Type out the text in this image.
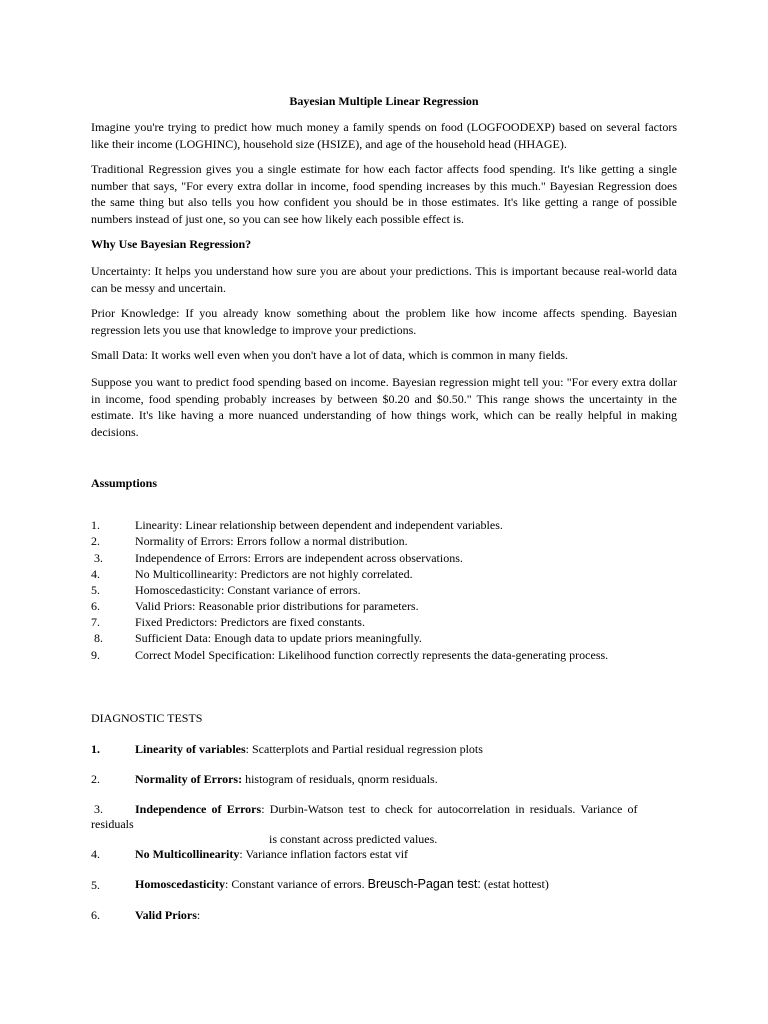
Bayesian Multiple Linear Regression
Imagine you're trying to predict how much money a family spends on food (LOGFOODEXP) based on several factors like their income (LOGHINC), household size (HSIZE), and age of the household head (HHAGE).
Traditional Regression gives you a single estimate for how each factor affects food spending. It's like getting a single number that says, "For every extra dollar in income, food spending increases by this much." Bayesian Regression does the same thing but also tells you how confident you should be in those estimates. It's like getting a range of possible numbers instead of just one, so you can see how likely each possible effect is.
Why Use Bayesian Regression?
Uncertainty: It helps you understand how sure you are about your predictions. This is important because real-world data can be messy and uncertain.
Prior Knowledge: If you already know something about the problem like how income affects spending. Bayesian regression lets you use that knowledge to improve your predictions.
Small Data: It works well even when you don't have a lot of data, which is common in many fields.
Suppose you want to predict food spending based on income. Bayesian regression might tell you: "For every extra dollar in income, food spending probably increases by between $0.20 and $0.50." This range shows the uncertainty in the estimate. It's like having a more nuanced understanding of how things work, which can be really helpful in making decisions.
Assumptions
1.	Linearity: Linear relationship between dependent and independent variables.
2.	Normality of Errors: Errors follow a normal distribution.
3.	Independence of Errors: Errors are independent across observations.
4.	No Multicollinearity: Predictors are not highly correlated.
5.	Homoscedasticity: Constant variance of errors.
6.	Valid Priors: Reasonable prior distributions for parameters.
7.	Fixed Predictors: Predictors are fixed constants.
8.	Sufficient Data: Enough data to update priors meaningfully.
9.	Correct Model Specification: Likelihood function correctly represents the data-generating process.
DIAGNOSTIC TESTS
1.	Linearity of variables: Scatterplots and Partial residual regression plots
2.	Normality of Errors: histogram of residuals, qnorm residuals.
3.	Independence of Errors: Durbin-Watson test to check for autocorrelation in residuals. Variance of
residuals
is constant across predicted values.
4.	No Multicollinearity: Variance inflation factors estat vif
5.	Homoscedasticity: Constant variance of errors. Breusch-Pagan test: (estat hottest)
6.	Valid Priors:
